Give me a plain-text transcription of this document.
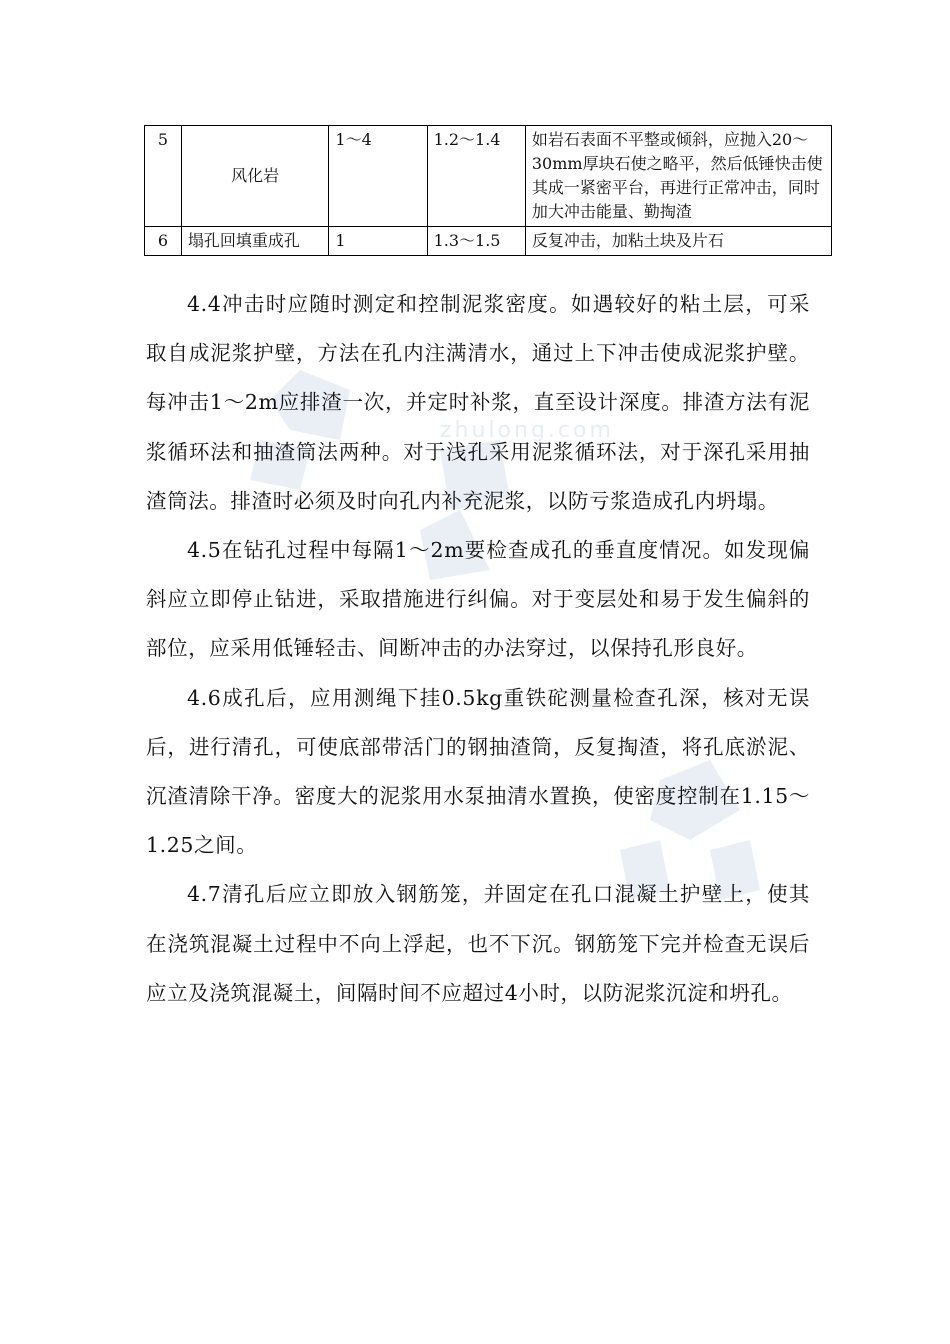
zhulong.com
5	风化岩	1～4	1.2～1.4	如岩石表面不平整或倾斜，应抛入20～30mm厚块石使之略平，然后低锤快击使其成一紧密平台，再进行正常冲击，同时加大冲击能量、勤掏渣
6	塌孔回填重成孔	1	1.3～1.5	反复冲击，加粘土块及片石

4.4冲击时应随时测定和控制泥浆密度。如遇较好的粘土层，可采取自成泥浆护壁，方法在孔内注满清水，通过上下冲击使成泥浆护壁。每冲击1～2m应排渣一次，并定时补浆，直至设计深度。排渣方法有泥浆循环法和抽渣筒法两种。对于浅孔采用泥浆循环法，对于深孔采用抽渣筒法。排渣时必须及时向孔内补充泥浆，以防亏浆造成孔内坍塌。

4.5在钻孔过程中每隔1～2m要检查成孔的垂直度情况。如发现偏斜应立即停止钻进，采取措施进行纠偏。对于变层处和易于发生偏斜的部位，应采用低锤轻击、间断冲击的办法穿过，以保持孔形良好。

4.6成孔后，应用测绳下挂0.5kg重铁砣测量检查孔深，核对无误后，进行清孔，可使底部带活门的钢抽渣筒，反复掏渣，将孔底淤泥、沉渣清除干净。密度大的泥浆用水泵抽清水置换，使密度控制在1.15～1.25之间。

4.7清孔后应立即放入钢筋笼，并固定在孔口混凝土护壁上，使其在浇筑混凝土过程中不向上浮起，也不下沉。钢筋笼下完并检查无误后应立及浇筑混凝土，间隔时间不应超过4小时，以防泥浆沉淀和坍孔。
